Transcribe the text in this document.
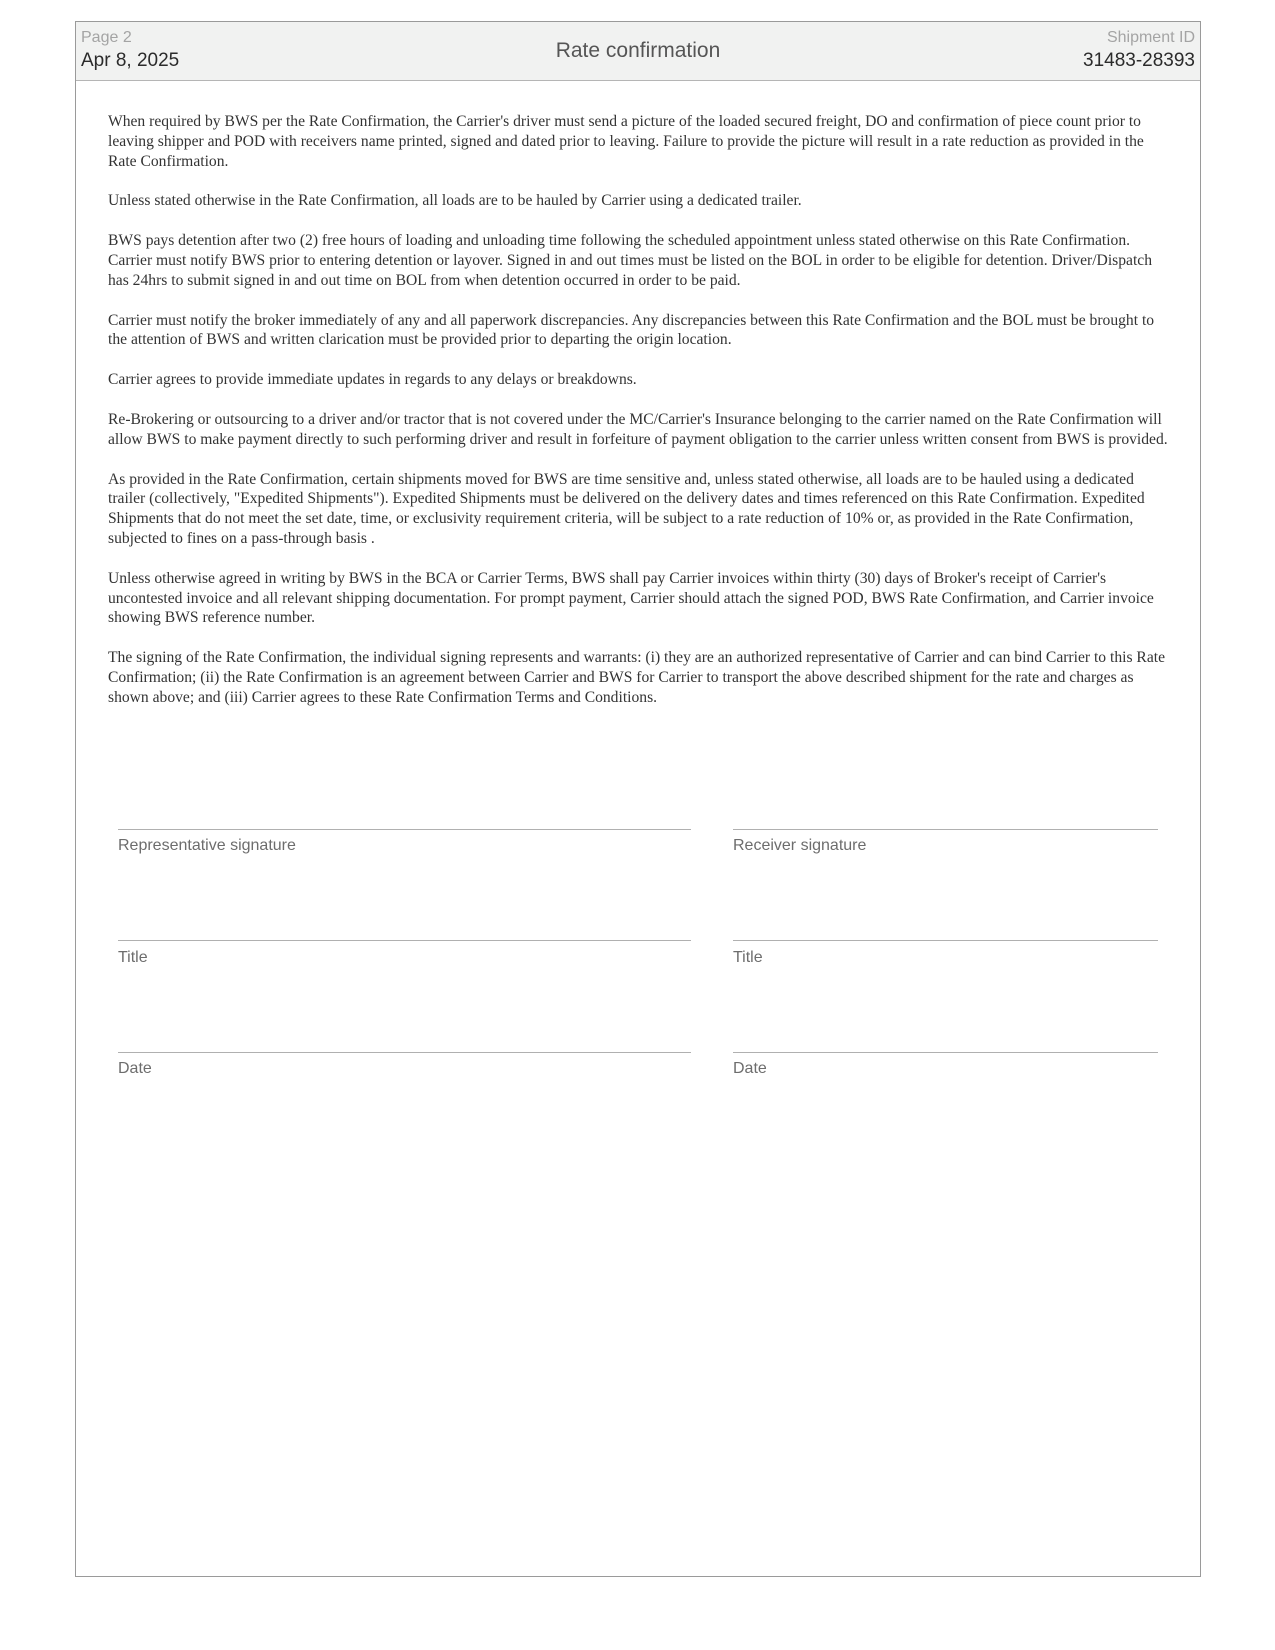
Page 2
Apr 8, 2025	Rate confirmation
Shipment ID
31483-28393

When required by BWS per the Rate Confirmation, the Carrier's driver must send a picture of the loaded secured freight, DO and confirmation of piece count prior to leaving shipper and POD with receivers name printed, signed and dated prior to leaving. Failure to provide the picture will result in a rate reduction as provided in the Rate Confirmation.

Unless stated otherwise in the Rate Confirmation, all loads are to be hauled by Carrier using a dedicated trailer.

BWS pays detention after two (2) free hours of loading and unloading time following the scheduled appointment unless stated otherwise on this Rate Confirmation. Carrier must notify BWS prior to entering detention or layover. Signed in and out times must be listed on the BOL in order to be eligible for detention. Driver/Dispatch has 24hrs to submit signed in and out time on BOL from when detention occurred in order to be paid.

Carrier must notify the broker immediately of any and all paperwork discrepancies. Any discrepancies between this Rate Confirmation and the BOL must be brought to the attention of BWS and written clarication must be provided prior to departing the origin location.

Carrier agrees to provide immediate updates in regards to any delays or breakdowns.

Re-Brokering or outsourcing to a driver and/or tractor that is not covered under the MC/Carrier's Insurance belonging to the carrier named on the Rate Confirmation will allow BWS to make payment directly to such performing driver and result in forfeiture of payment obligation to the carrier unless written consent from BWS is provided.

As provided in the Rate Confirmation, certain shipments moved for BWS are time sensitive and, unless stated otherwise, all loads are to be hauled using a dedicated trailer (collectively, "Expedited Shipments"). Expedited Shipments must be delivered on the delivery dates and times referenced on this Rate Confirmation. Expedited Shipments that do not meet the set date, time, or exclusivity requirement criteria, will be subject to a rate reduction of 10% or, as provided in the Rate Confirmation, subjected to fines on a pass-through basis .

Unless otherwise agreed in writing by BWS in the BCA or Carrier Terms, BWS shall pay Carrier invoices within thirty (30) days of Broker's receipt of Carrier's uncontested invoice and all relevant shipping documentation. For prompt payment, Carrier should attach the signed POD, BWS Rate Confirmation, and Carrier invoice showing BWS reference number.

The signing of the Rate Confirmation, the individual signing represents and warrants: (i) they are an authorized representative of Carrier and can bind Carrier to this Rate Confirmation; (ii) the Rate Confirmation is an agreement between Carrier and BWS for Carrier to transport the above described shipment for the rate and charges as shown above; and (iii) Carrier agrees to these Rate Confirmation Terms and Conditions.

Representative signature
Title
Date
Receiver signature
Title
Date
